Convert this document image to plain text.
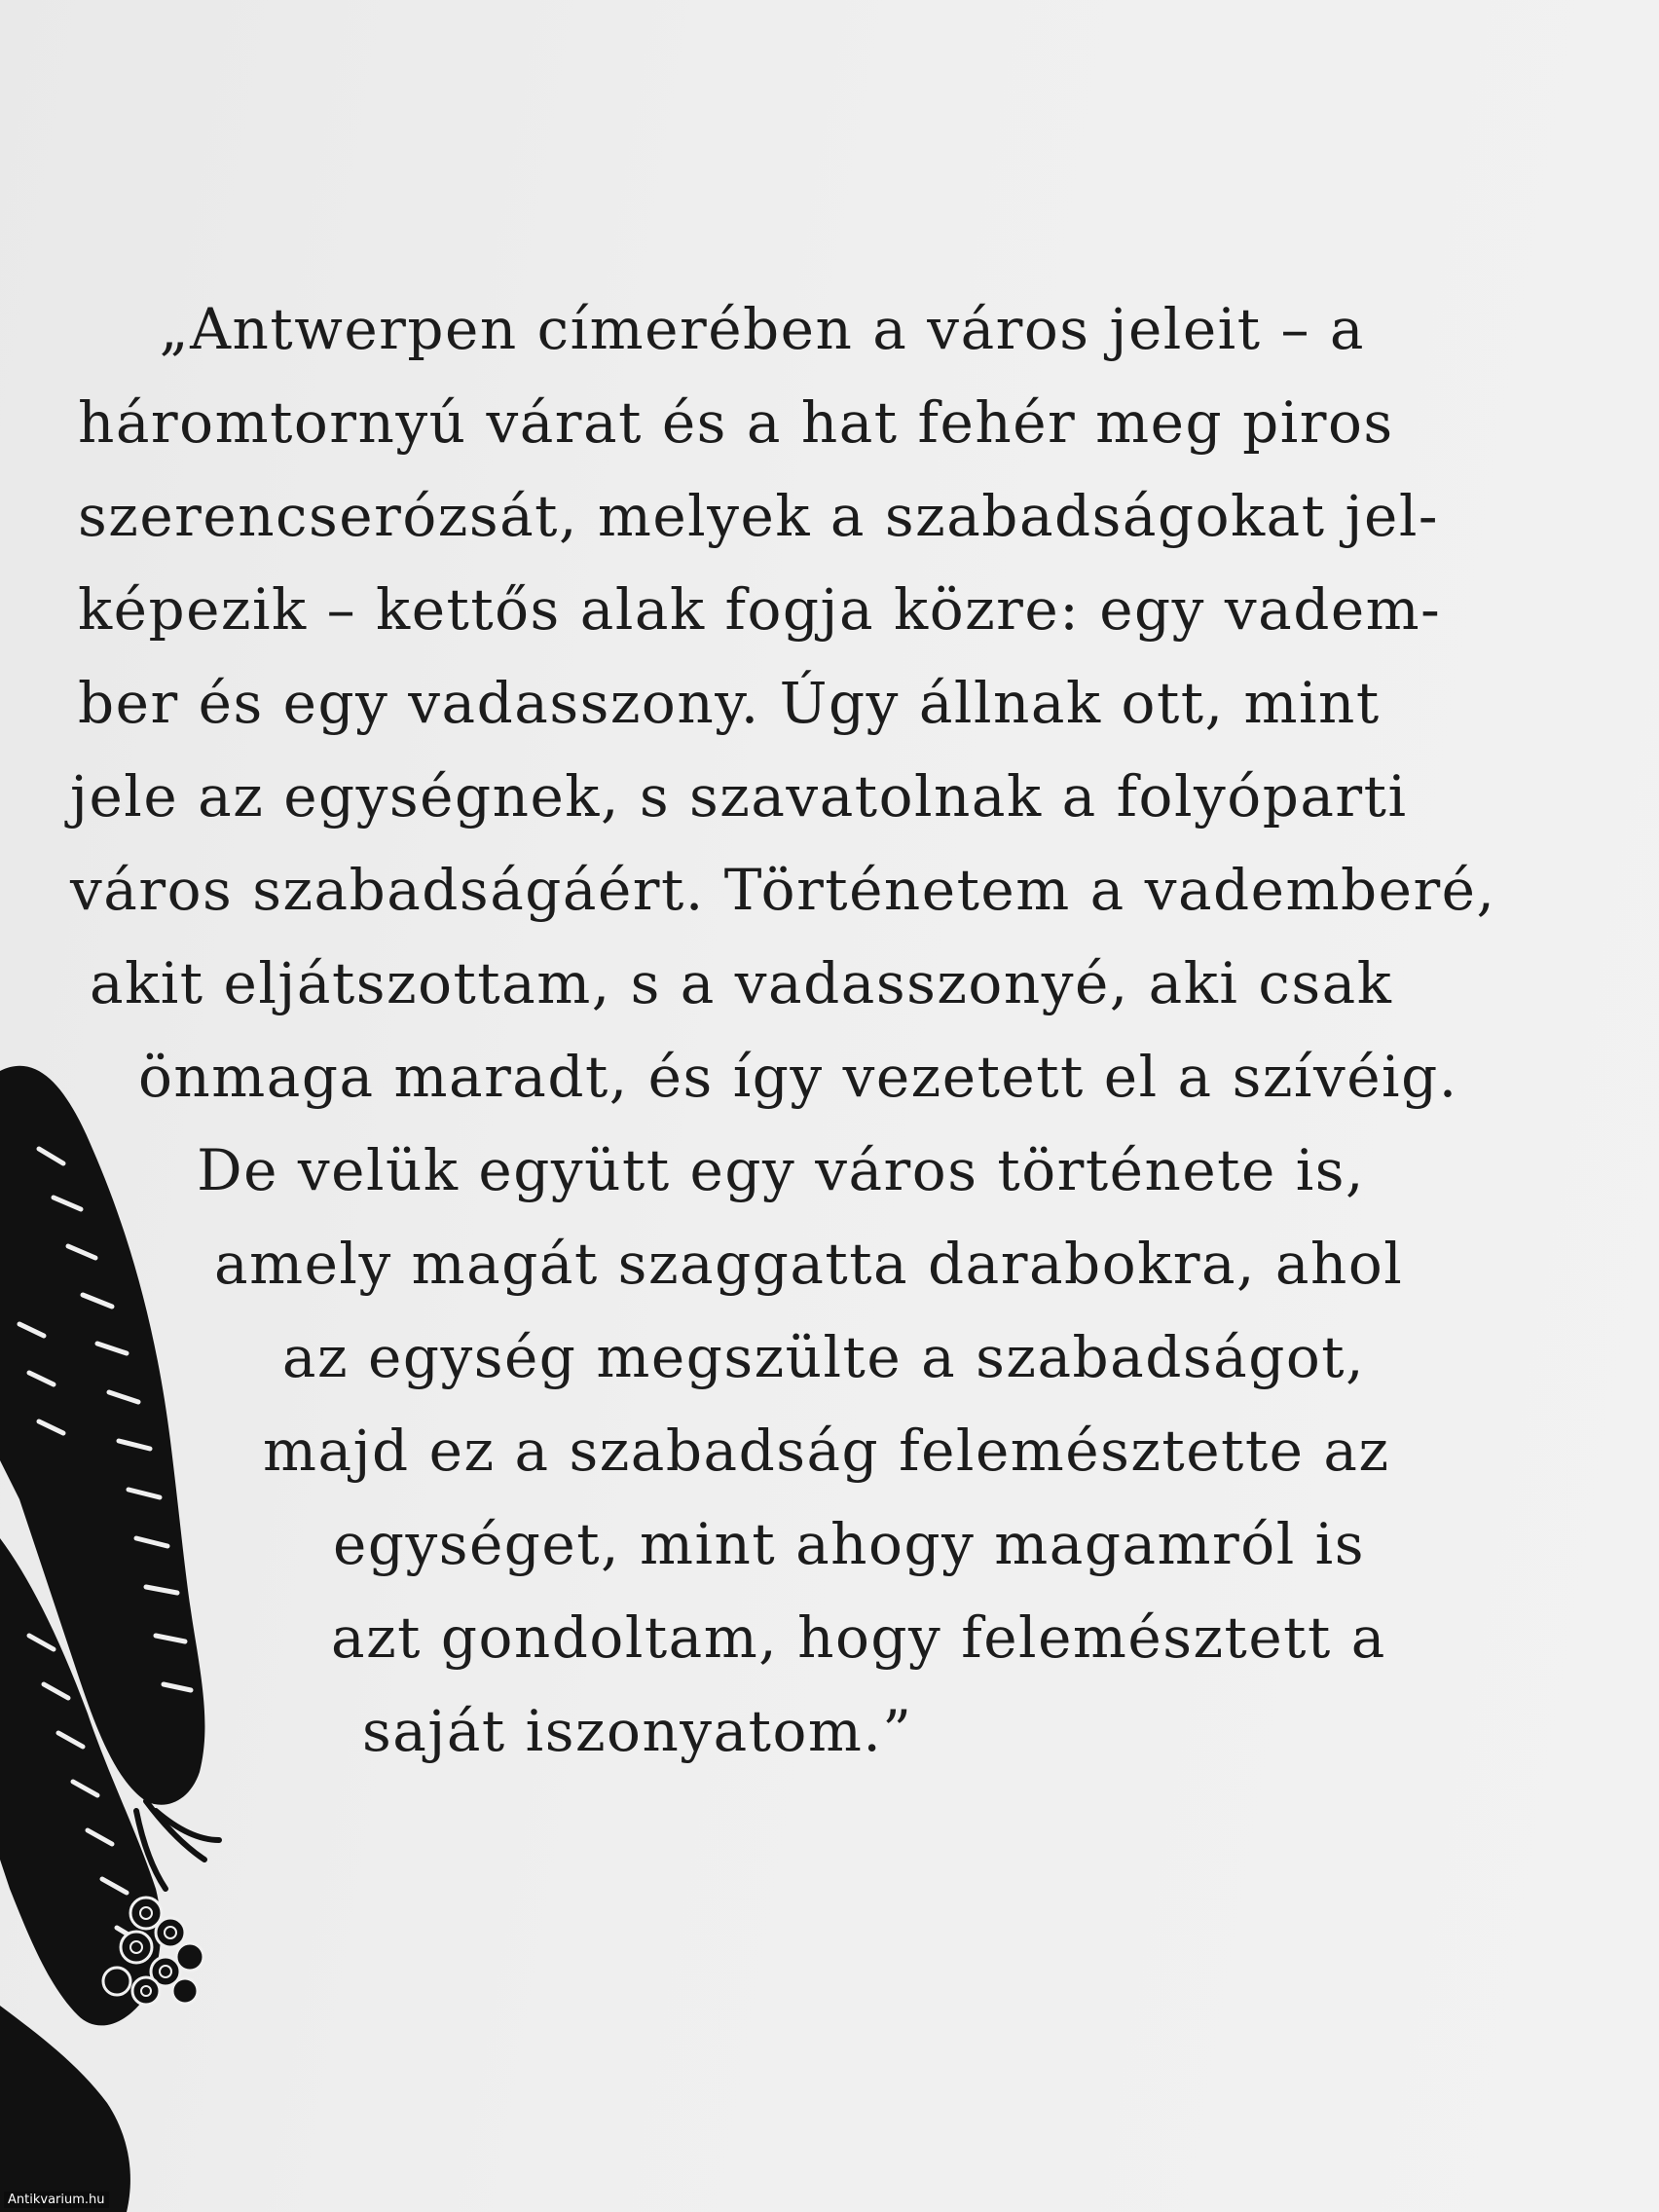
„Antwerpen címerében a város jeleit – a
háromtornyú várat és a hat fehér meg piros
szerencserózsát, melyek a szabadságokat jel-
képezik – kettős alak fogja közre: egy vadem-
ber és egy vadasszony. Úgy állnak ott, mint
jele az egységnek, s szavatolnak a folyóparti
város szabadságáért. Történetem a vademberé,
akit eljátszottam, s a vadasszonyé, aki csak
önmaga maradt, és így vezetett el a szívéig.
De velük együtt egy város története is,
amely magát szaggatta darabokra, ahol
az egység megszülte a szabadságot,
majd ez a szabadság felemésztette az
egységet, mint ahogy magamról is
azt gondoltam, hogy felemésztett a
saját iszonyatom.”
Antikvarium.hu
